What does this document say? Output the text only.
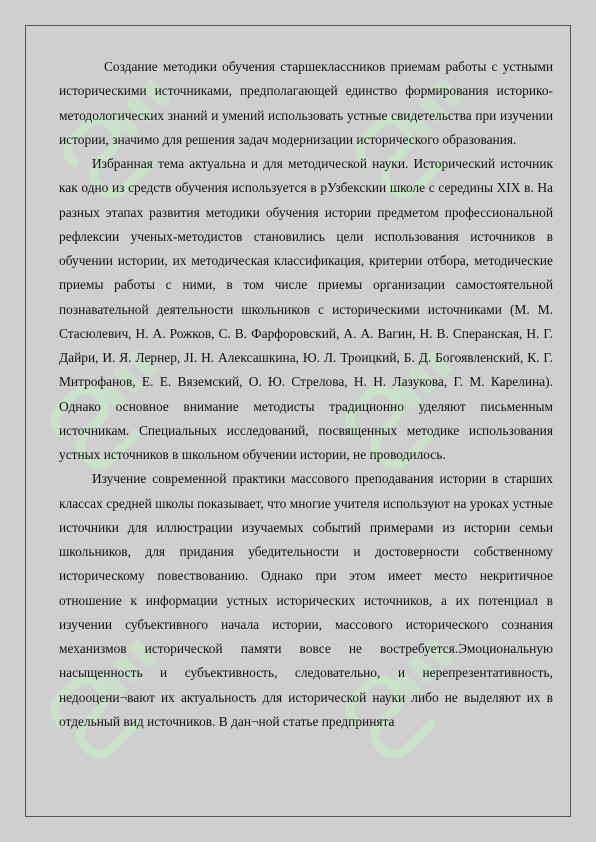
Создание методики обучения старшеклассников приемам работы с устными историческими источниками, предполагающей единство формирования историко-методологических знаний и умений использовать устные свидетельства при изучении истории, значимо для решения задач модернизации исторического образования.

Избранная тема актуальна и для методической науки. Исторический источник как одно из средств обучения используется в рУзбекскии школе с середины XIX в. На разных этапах развития методики обучения истории предметом профессиональной рефлексии ученых-методистов становились цели использования источников в обучении истории, их методическая классификация, критерии отбора, методические приемы работы с ними, в том числе приемы организации самостоятельной познавательной деятельности школьников с историческими источниками (М. М. Стасюлевич, Н. А. Рожков, С. В. Фарфоровский, А. А. Вагин, Н. В. Сперанская, Н. Г. Дайри, И. Я. Лернер, JI. Н. Алексашкина, Ю. Л. Троицкий, Б. Д. Богоявленский, К. Г. Митрофанов, Е. Е. Вяземский, О. Ю. Стрелова, Н. Н. Лазукова, Г. М. Карелина). Однако основное внимание методисты традиционно уделяют письменным источникам. Специальных исследований, посвященных методике использования устных источников в школьном обучении истории, не проводилось.

Изучение современной практики массового преподавания истории в старших классах средней школы показывает, что многие учителя используют на уроках устные источники для иллюстрации изучаемых событий примерами из истории семьи школьников, для придания убедительности и достоверности собственному историческому повествованию. Однако при этом имеет место некритичное отношение к информации устных исторических источников, а их потенциал в изучении субъективного начала истории, массового исторического сознания механизмов исторической памяти вовсе не востребуется.Эмоциональную насыщенность и субъективность, следовательно, и нерепрезентативность, недооцени¬вают их актуальность для исторической науки либо не выделяют их в отдельный вид источников. В дан¬ной статье предпринята
